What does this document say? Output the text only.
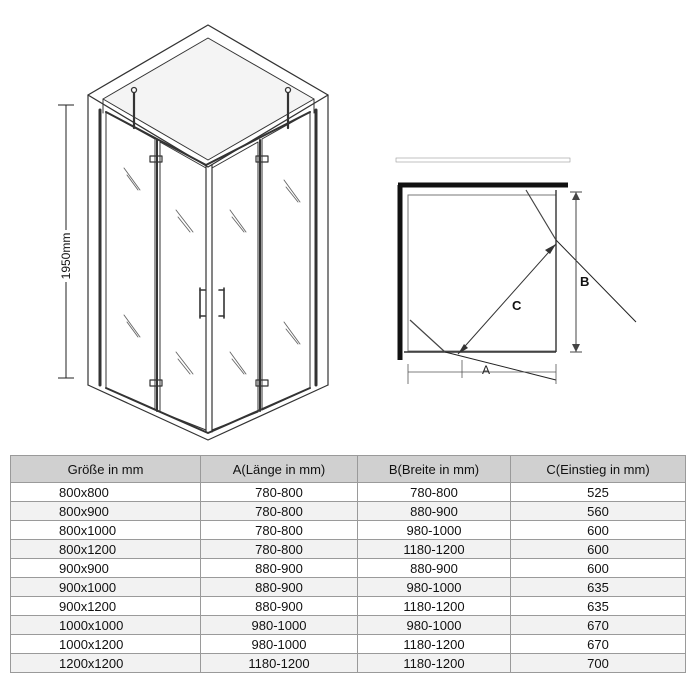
1950mm
A
B
C
Größe in mm	A(Länge in mm)	B(Breite in mm)	C(Einstieg in mm)
800x800	780-800	780-800	525
800x900	780-800	880-900	560
800x1000	780-800	980-1000	600
800x1200	780-800	1180-1200	600
900x900	880-900	880-900	600
900x1000	880-900	980-1000	635
900x1200	880-900	1180-1200	635
1000x1000	980-1000	980-1000	670
1000x1200	980-1000	1180-1200	670
1200x1200	1180-1200	1180-1200	700
